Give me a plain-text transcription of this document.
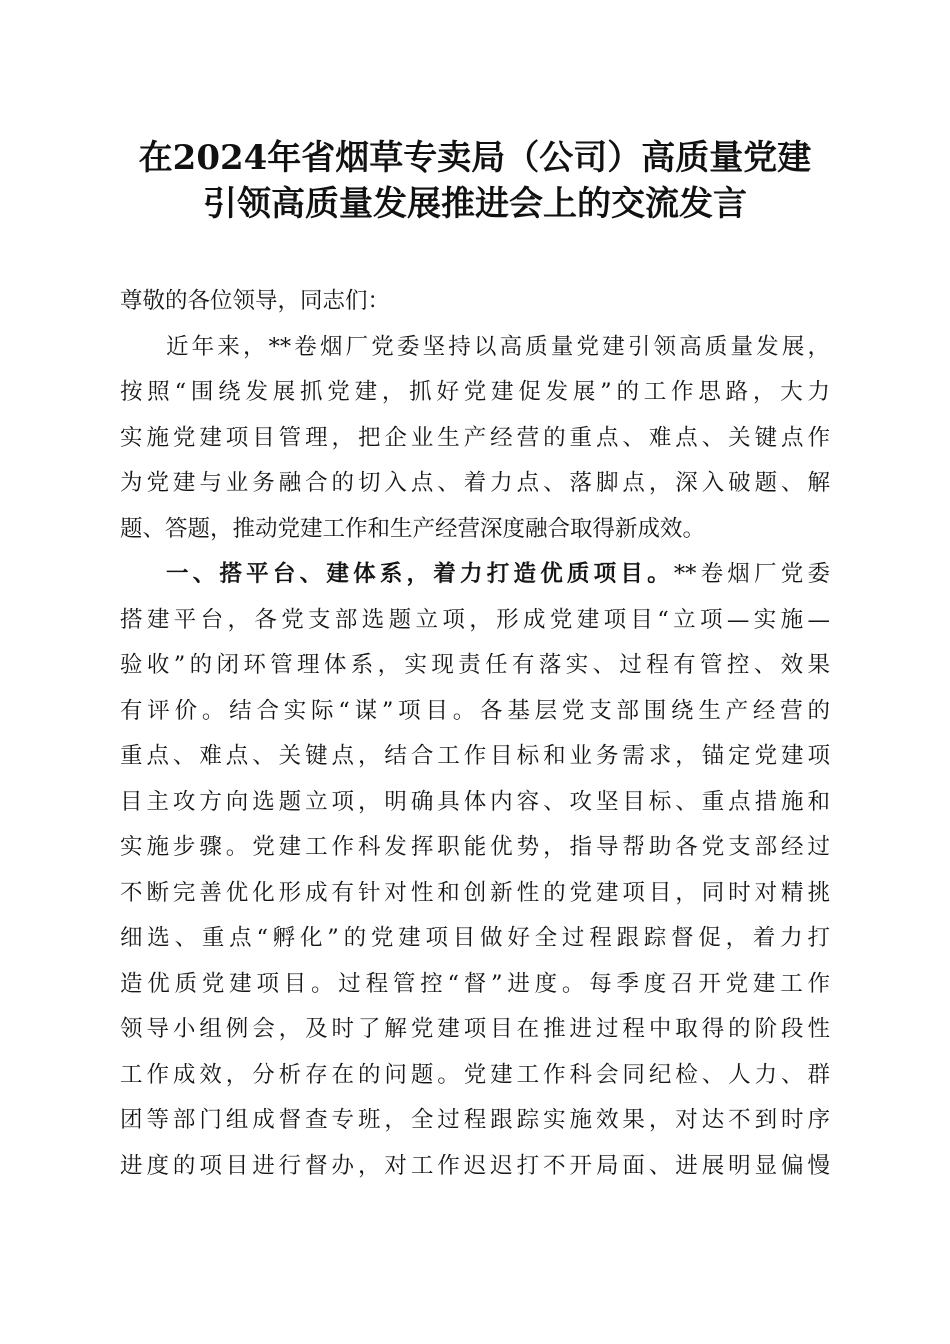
在2024年省烟草专卖局（公司）高质量党建
引领高质量发展推进会上的交流发言
尊敬的各位领导，同志们：
近年来，**卷烟厂党委坚持以高质量党建引领高质量发展，
按照“围绕发展抓党建，抓好党建促发展”的工作思路，大力
实施党建项目管理，把企业生产经营的重点、难点、关键点作
为党建与业务融合的切入点、着力点、落脚点，深入破题、解
题、答题，推动党建工作和生产经营深度融合取得新成效。
一、搭平台、建体系，着力打造优质项目。**卷烟厂党委
搭建平台，各党支部选题立项，形成党建项目“立项—实施—
验收”的闭环管理体系，实现责任有落实、过程有管控、效果
有评价。结合实际“谋”项目。各基层党支部围绕生产经营的
重点、难点、关键点，结合工作目标和业务需求，锚定党建项
目主攻方向选题立项，明确具体内容、攻坚目标、重点措施和
实施步骤。党建工作科发挥职能优势，指导帮助各党支部经过
不断完善优化形成有针对性和创新性的党建项目，同时对精挑
细选、重点“孵化”的党建项目做好全过程跟踪督促，着力打
造优质党建项目。过程管控“督”进度。每季度召开党建工作
领导小组例会，及时了解党建项目在推进过程中取得的阶段性
工作成效，分析存在的问题。党建工作科会同纪检、人力、群
团等部门组成督查专班，全过程跟踪实施效果，对达不到时序
进度的项目进行督办，对工作迟迟打不开局面、进展明显偏慢
